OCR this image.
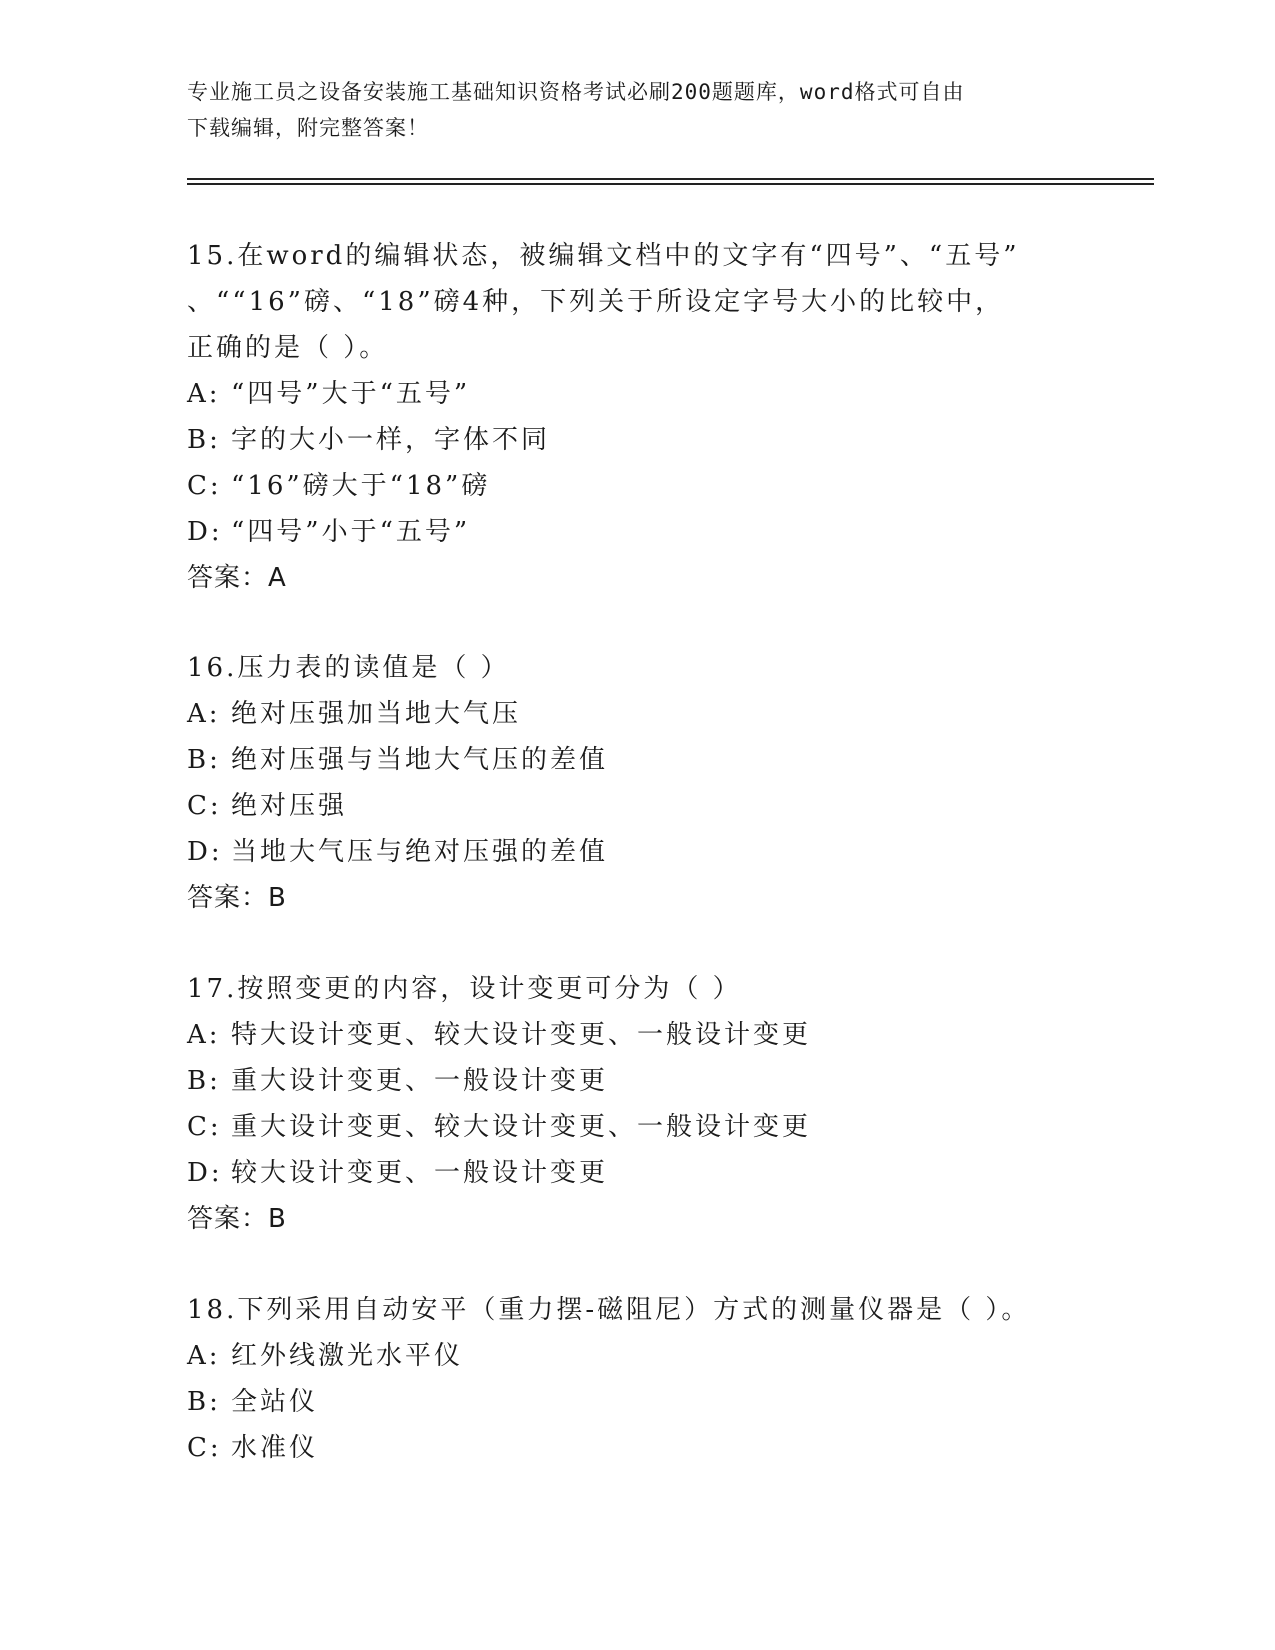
专业施工员之设备安装施工基础知识资格考试必刷200题题库，word格式可自由
下载编辑，附完整答案！
15.在word的编辑状态，被编辑文档中的文字有“四号”、“五号”
、““16”磅、“18”磅4种，下列关于所设定字号大小的比较中，
正确的是（ ）。
A: “四号”大于“五号”
B: 字的大小一样，字体不同
C: “16”磅大于“18”磅
D: “四号”小于“五号”
答案：A
16.压力表的读值是（ ）
A: 绝对压强加当地大气压
B: 绝对压强与当地大气压的差值
C: 绝对压强
D: 当地大气压与绝对压强的差值
答案：B
17.按照变更的内容，设计变更可分为（ ）
A: 特大设计变更、较大设计变更、一般设计变更
B: 重大设计变更、一般设计变更
C: 重大设计变更、较大设计变更、一般设计变更
D: 较大设计变更、一般设计变更
答案：B
18.下列采用自动安平（重力摆-磁阻尼）方式的测量仪器是（ ）。
A: 红外线激光水平仪
B: 全站仪
C: 水准仪
